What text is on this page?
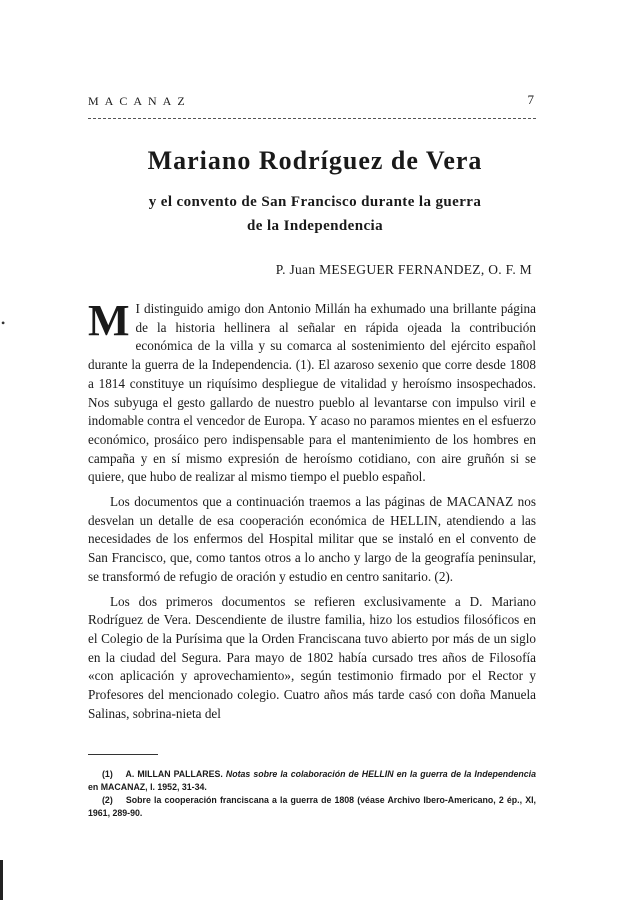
MACANAZ	7
Mariano Rodríguez de Vera
y el convento de San Francisco durante la guerra
de la Independencia
P. Juan MESEGUER FERNANDEZ, O. F. M
• M I distinguido amigo don Antonio Millán ha exhumado una brillante página de la historia hellinera al señalar en rápida ojeada la contribución económica de la villa y su comarca al sostenimiento del ejército español durante la guerra de la Independencia. (1). El azaroso sexenio que corre desde 1808 a 1814 constituye un riquísimo despliegue de vitalidad y heroísmo insospechados. Nos subyuga el gesto gallardo de nuestro pueblo al levantarse con impulso viril e indomable contra el vencedor de Europa. Y acaso no paramos mientes en el esfuerzo económico, prosáico pero indispensable para el mantenimiento de los hombres en campaña y en sí mismo expresión de heroísmo cotidiano, con aire gruñón si se quiere, que hubo de realizar al mismo tiempo el pueblo español.

Los documentos que a continuación traemos a las páginas de MACANAZ nos desvelan un detalle de esa cooperación económica de HELLIN, atendiendo a las necesidades de los enfermos del Hospital militar que se instaló en el convento de San Francisco, que, como tantos otros a lo ancho y largo de la geografía peninsular, se transformó de refugio de oración y estudio en centro sanitario. (2).

Los dos primeros documentos se refieren exclusivamente a D. Mariano Rodríguez de Vera. Descendiente de ilustre familia, hizo los estudios filosóficos en el Colegio de la Purísima que la Orden Franciscana tuvo abierto por más de un siglo en la ciudad del Segura. Para mayo de 1802 había cursado tres años de Filosofía «con aplicación y aprovechamiento», según testimonio firmado por el Rector y Profesores del mencionado colegio. Cuatro años más tarde casó con doña Manuela Salinas, sobrina-nieta del

(1) A. MILLAN PALLARES. Notas sobre la colaboración de HELLIN en la guerra de la Independencia en MACANAZ, I. 1952, 31-34.

(2) Sobre la cooperación franciscana a la guerra de 1808 (véase Archivo Ibero-Americano, 2 ép., XI, 1961, 289-90.
